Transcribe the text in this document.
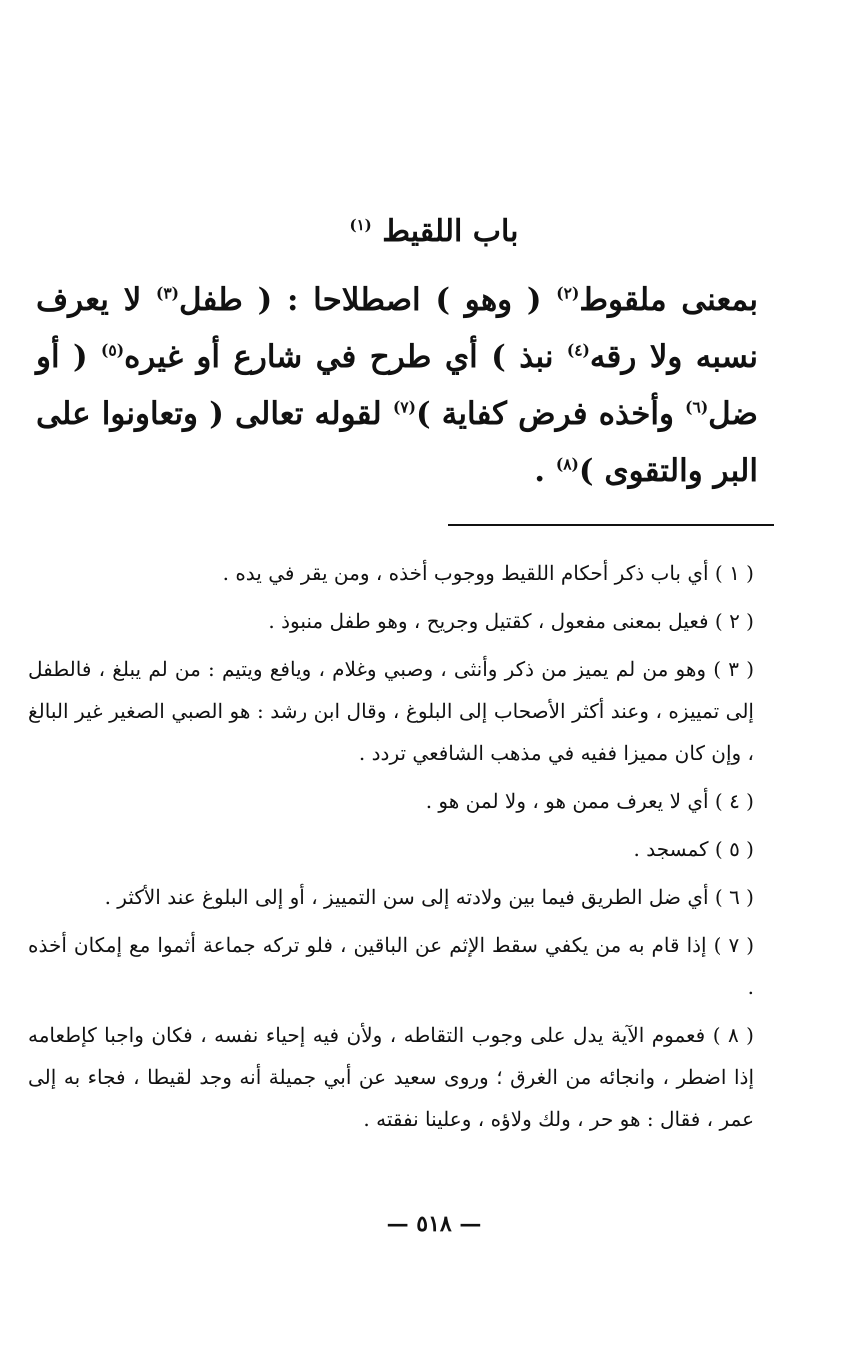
باب اللقيط $^{(١)}$

بمعنى ملقوط$^{(٢)}$ ( وهو ) اصطلاحا : ( طفل$^{(٣)}$ لا يعرف نسبه ولا رقه$^{(٤)}$ نبذ ) أي طرح في شارع أو غيره$^{(٥)}$ ( أو ضل$^{(٦)}$ وأخذه فرض كفاية )$^{(٧)}$ لقوله تعالى ( وتعاونوا على البر والتقوى )$^{(٨)}$ .

( ١ ) أي باب ذكر أحكام اللقيط ووجوب أخذه ، ومن يقر في يده .

( ٢ ) فعيل بمعنى مفعول ، كقتيل وجريح ، وهو طفل منبوذ .

( ٣ ) وهو من لم يميز من ذكر وأنثى ، وصبي وغلام ، ويافع ويتيم : من لم يبلغ ، فالطفل إلى تمييزه ، وعند أكثر الأصحاب إلى البلوغ ، وقال ابن رشد : هو الصبي الصغير غير البالغ ، وإن كان مميزا ففيه في مذهب الشافعي تردد .

( ٤ ) أي لا يعرف ممن هو ، ولا لمن هو .

( ٥ ) كمسجد .

( ٦ ) أي ضل الطريق فيما بين ولادته إلى سن التمييز ، أو إلى البلوغ عند الأكثر .

( ٧ ) إذا قام به من يكفي سقط الإثم عن الباقين ، فلو تركه جماعة أثموا مع إمكان أخذه .

( ٨ ) فعموم الآية يدل على وجوب التقاطه ، ولأن فيه إحياء نفسه ، فكان واجبا كإطعامه إذا اضطر ، وانجائه من الغرق ؛ وروى سعيد عن أبي جميلة أنه وجد لقيطا ، فجاء به إلى عمر ، فقال : هو حر ، ولك ولاؤه ، وعلينا نفقته .

— ٥١٨ —
